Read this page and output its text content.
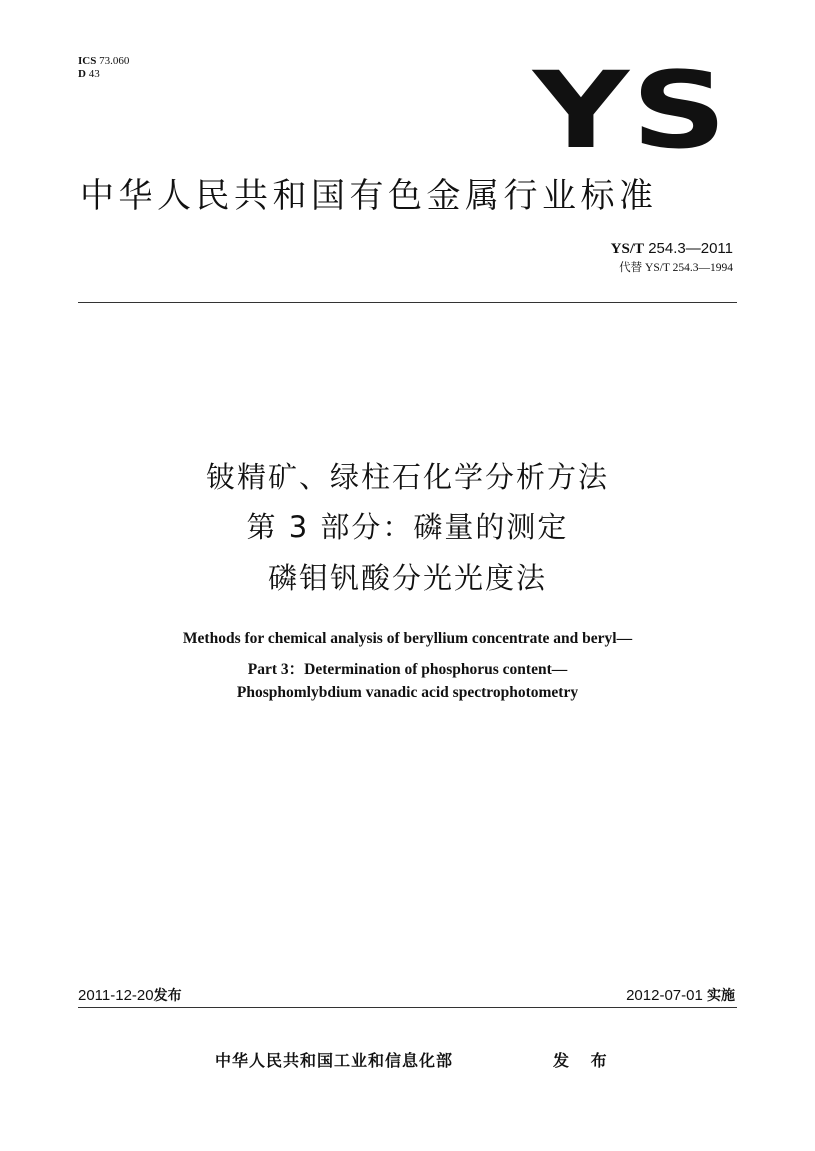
ICS 73.060
D 43	YS
中华人民共和国有色金属行业标准
YS/T 254.3—2011
代替 YS/T 254.3—1994
铍精矿、绿柱石化学分析方法
第 3 部分：磷量的测定
磷钼钒酸分光光度法
Methods for chemical analysis of beryllium concentrate and beryl—
Part 3：Determination of phosphorus content—
Phosphomlybdium vanadic acid spectrophotometry
2011-12-20发布	2012-07-01 实施
中华人民共和国工业和信息化部	发 布
